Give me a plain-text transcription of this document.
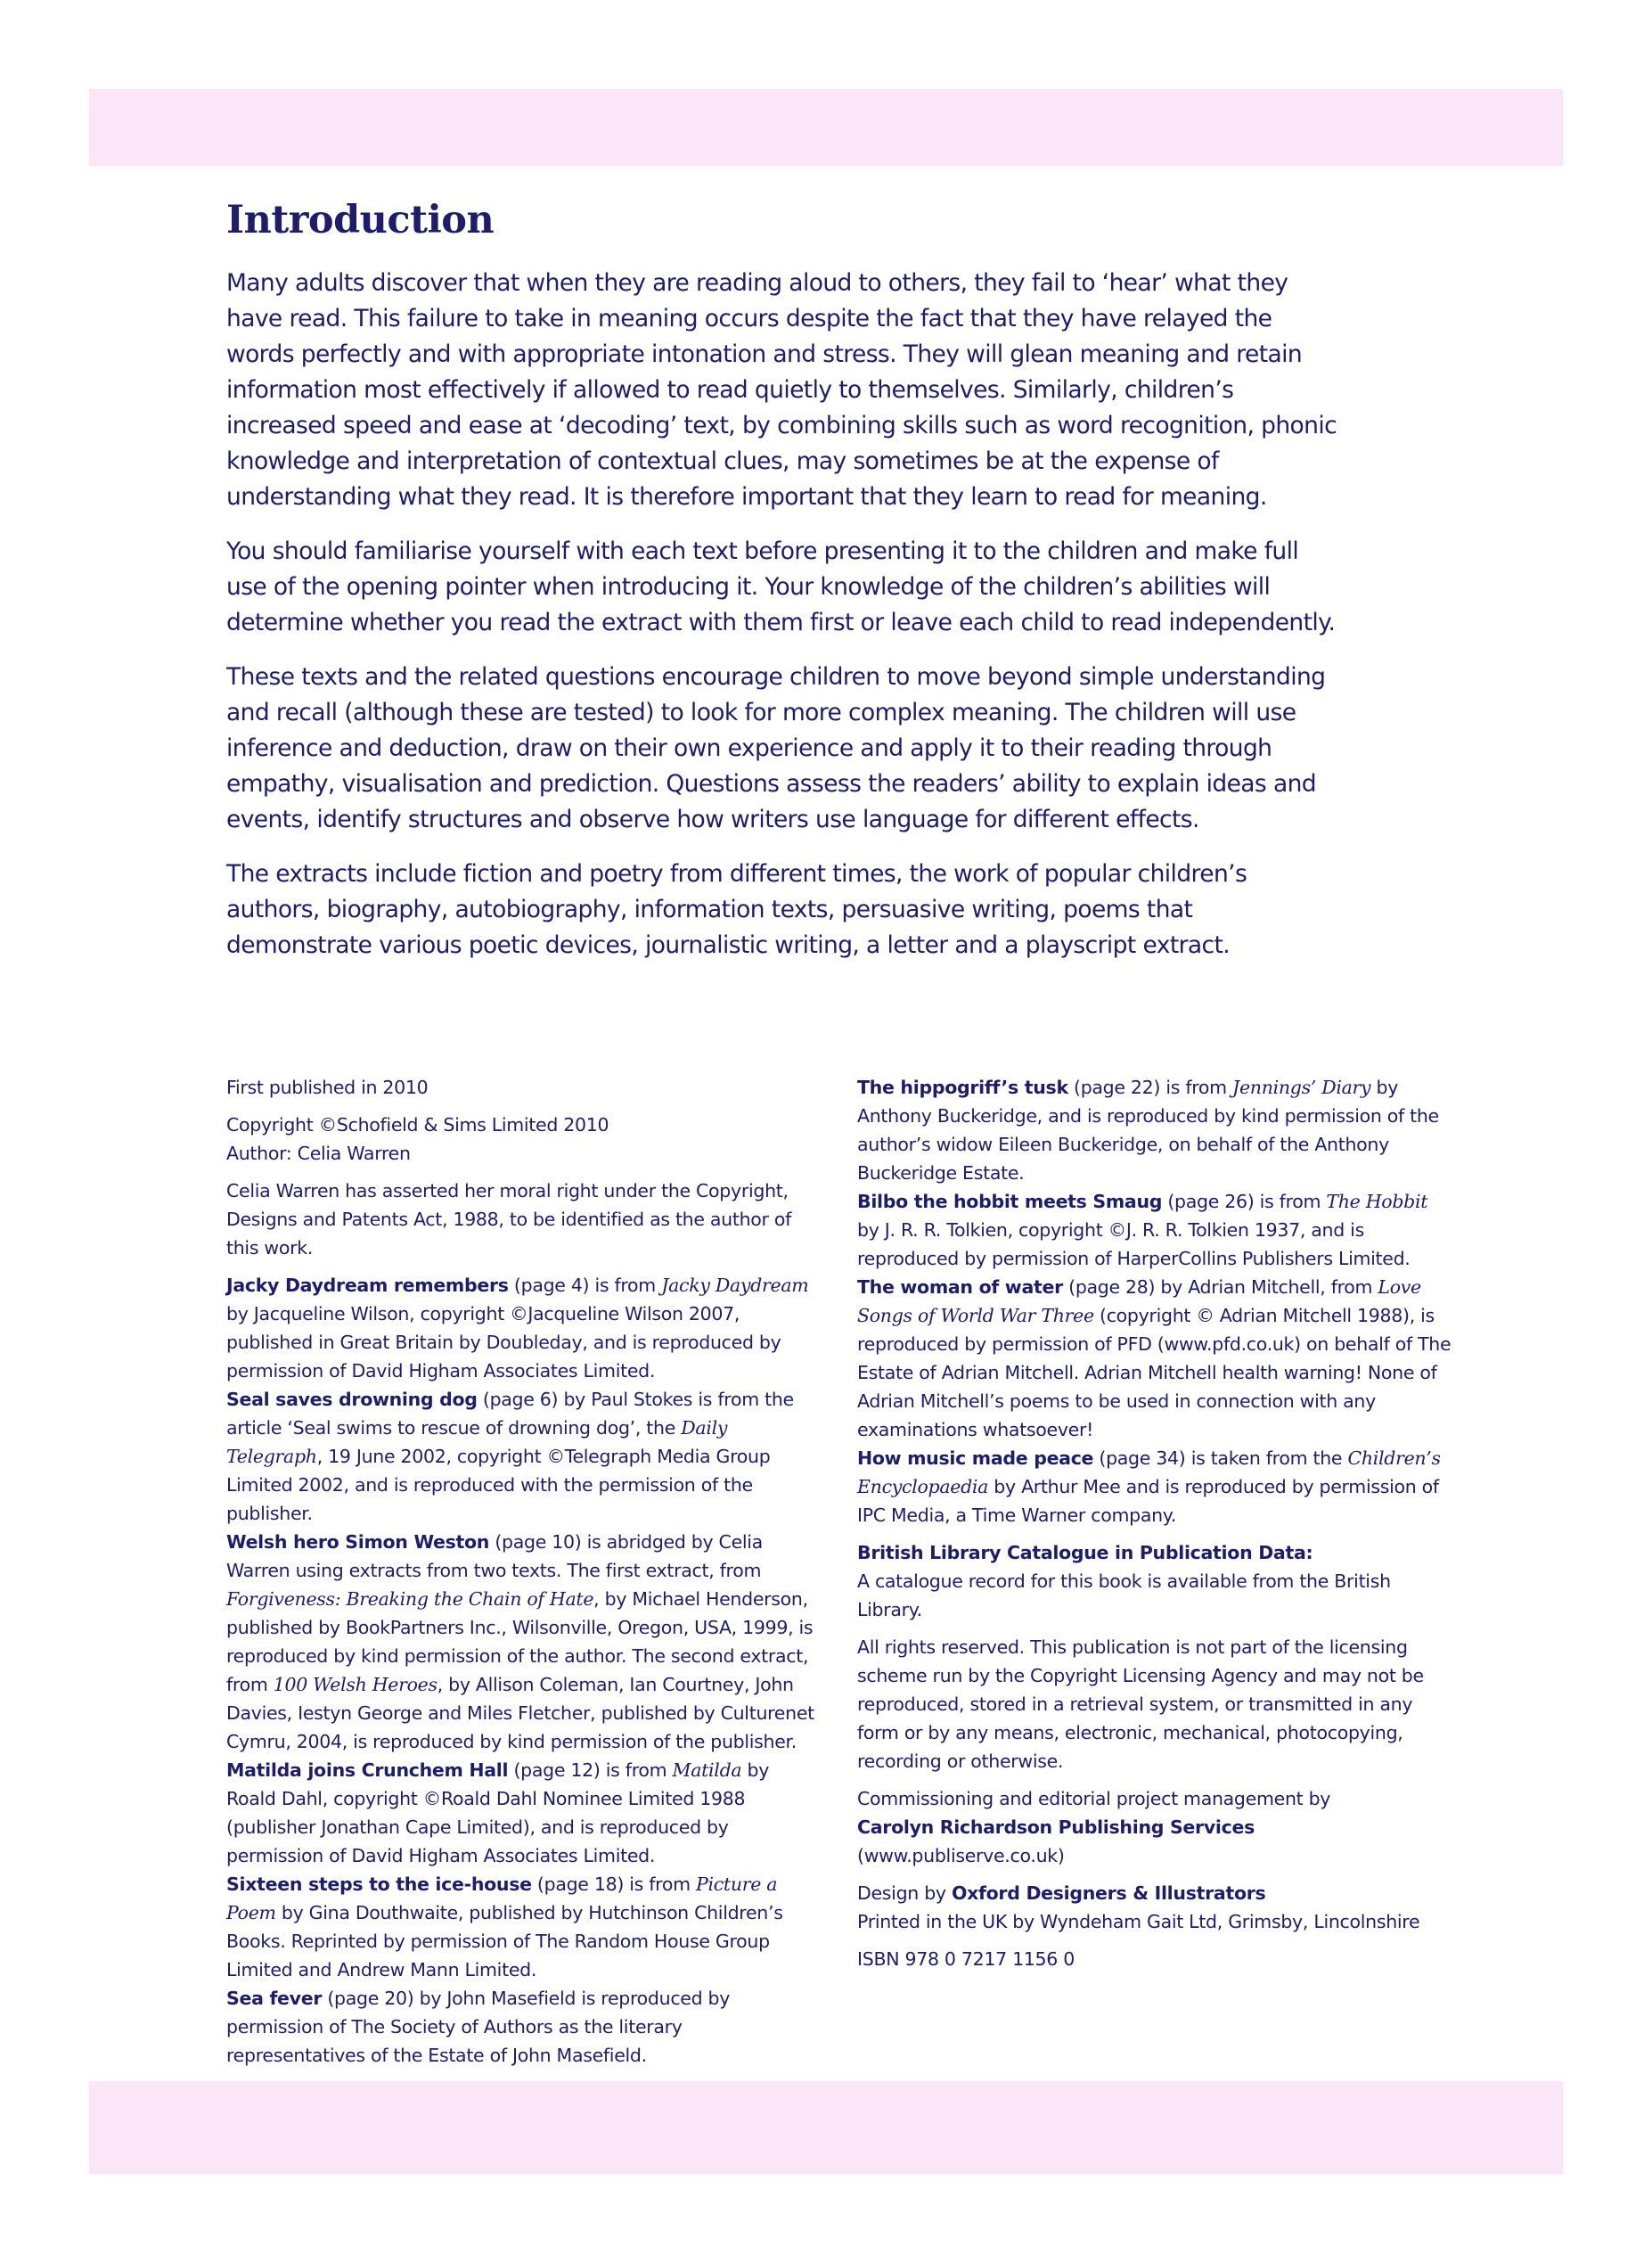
Introduction

Many adults discover that when they are reading aloud to others, they fail to ‘hear’ what they have read. This failure to take in meaning occurs despite the fact that they have relayed the words perfectly and with appropriate intonation and stress. They will glean meaning and retain information most effectively if allowed to read quietly to themselves. Similarly, children’s increased speed and ease at ‘decoding’ text, by combining skills such as word recognition, phonic knowledge and interpretation of contextual clues, may sometimes be at the expense of understanding what they read. It is therefore important that they learn to read for meaning.

You should familiarise yourself with each text before presenting it to the children and make full use of the opening pointer when introducing it. Your knowledge of the children’s abilities will determine whether you read the extract with them first or leave each child to read independently.

These texts and the related questions encourage children to move beyond simple understanding and recall (although these are tested) to look for more complex meaning. The children will use inference and deduction, draw on their own experience and apply it to their reading through empathy, visualisation and prediction. Questions assess the readers’ ability to explain ideas and events, identify structures and observe how writers use language for different effects.

The extracts include fiction and poetry from different times, the work of popular children’s authors, biography, autobiography, information texts, persuasive writing, poems that demonstrate various poetic devices, journalistic writing, a letter and a playscript extract.

First published in 2010

Copyright ©Schofield & Sims Limited 2010

Author: Celia Warren

Celia Warren has asserted her moral right under the Copyright, Designs and Patents Act, 1988, to be identified as the author of this work.

Jacky Daydream remembers (page 4) is from Jacky Daydream by Jacqueline Wilson, copyright ©Jacqueline Wilson 2007, published in Great Britain by Doubleday, and is reproduced by permission of David Higham Associates Limited.

Seal saves drowning dog (page 6) by Paul Stokes is from the article ‘Seal swims to rescue of drowning dog’, the Daily Telegraph, 19 June 2002, copyright ©Telegraph Media Group Limited 2002, and is reproduced with the permission of the publisher.

Welsh hero Simon Weston (page 10) is abridged by Celia Warren using extracts from two texts. The first extract, from Forgiveness: Breaking the Chain of Hate, by Michael Henderson, published by BookPartners Inc., Wilsonville, Oregon, USA, 1999, is reproduced by kind permission of the author. The second extract, from 100 Welsh Heroes, by Allison Coleman, Ian Courtney, John Davies, Iestyn George and Miles Fletcher, published by Culturenet Cymru, 2004, is reproduced by kind permission of the publisher.

Matilda joins Crunchem Hall (page 12) is from Matilda by Roald Dahl, copyright ©Roald Dahl Nominee Limited 1988 (publisher Jonathan Cape Limited), and is reproduced by permission of David Higham Associates Limited.

Sixteen steps to the ice-house (page 18) is from Picture a Poem by Gina Douthwaite, published by Hutchinson Children’s Books. Reprinted by permission of The Random House Group Limited and Andrew Mann Limited.

Sea fever (page 20) by John Masefield is reproduced by permission of The Society of Authors as the literary representatives of the Estate of John Masefield.

The hippogriff’s tusk (page 22) is from Jennings’ Diary by Anthony Buckeridge, and is reproduced by kind permission of the author’s widow Eileen Buckeridge, on behalf of the Anthony Buckeridge Estate.

Bilbo the hobbit meets Smaug (page 26) is from The Hobbit by J. R. R. Tolkien, copyright ©J. R. R. Tolkien 1937, and is reproduced by permission of HarperCollins Publishers Limited.

The woman of water (page 28) by Adrian Mitchell, from Love Songs of World War Three (copyright © Adrian Mitchell 1988), is reproduced by permission of PFD (www.pfd.co.uk) on behalf of The Estate of Adrian Mitchell. Adrian Mitchell health warning! None of Adrian Mitchell’s poems to be used in connection with any examinations whatsoever!

How music made peace (page 34) is taken from the Children’s Encyclopaedia by Arthur Mee and is reproduced by permission of IPC Media, a Time Warner company.

British Library Catalogue in Publication Data:

A catalogue record for this book is available from the British Library.

All rights reserved. This publication is not part of the licensing scheme run by the Copyright Licensing Agency and may not be reproduced, stored in a retrieval system, or transmitted in any form or by any means, electronic, mechanical, photocopying, recording or otherwise.

Commissioning and editorial project management by

Carolyn Richardson Publishing Services

(www.publiserve.co.uk)

Design by Oxford Designers & Illustrators

Printed in the UK by Wyndeham Gait Ltd, Grimsby, Lincolnshire

ISBN 978 0 7217 1156 0
